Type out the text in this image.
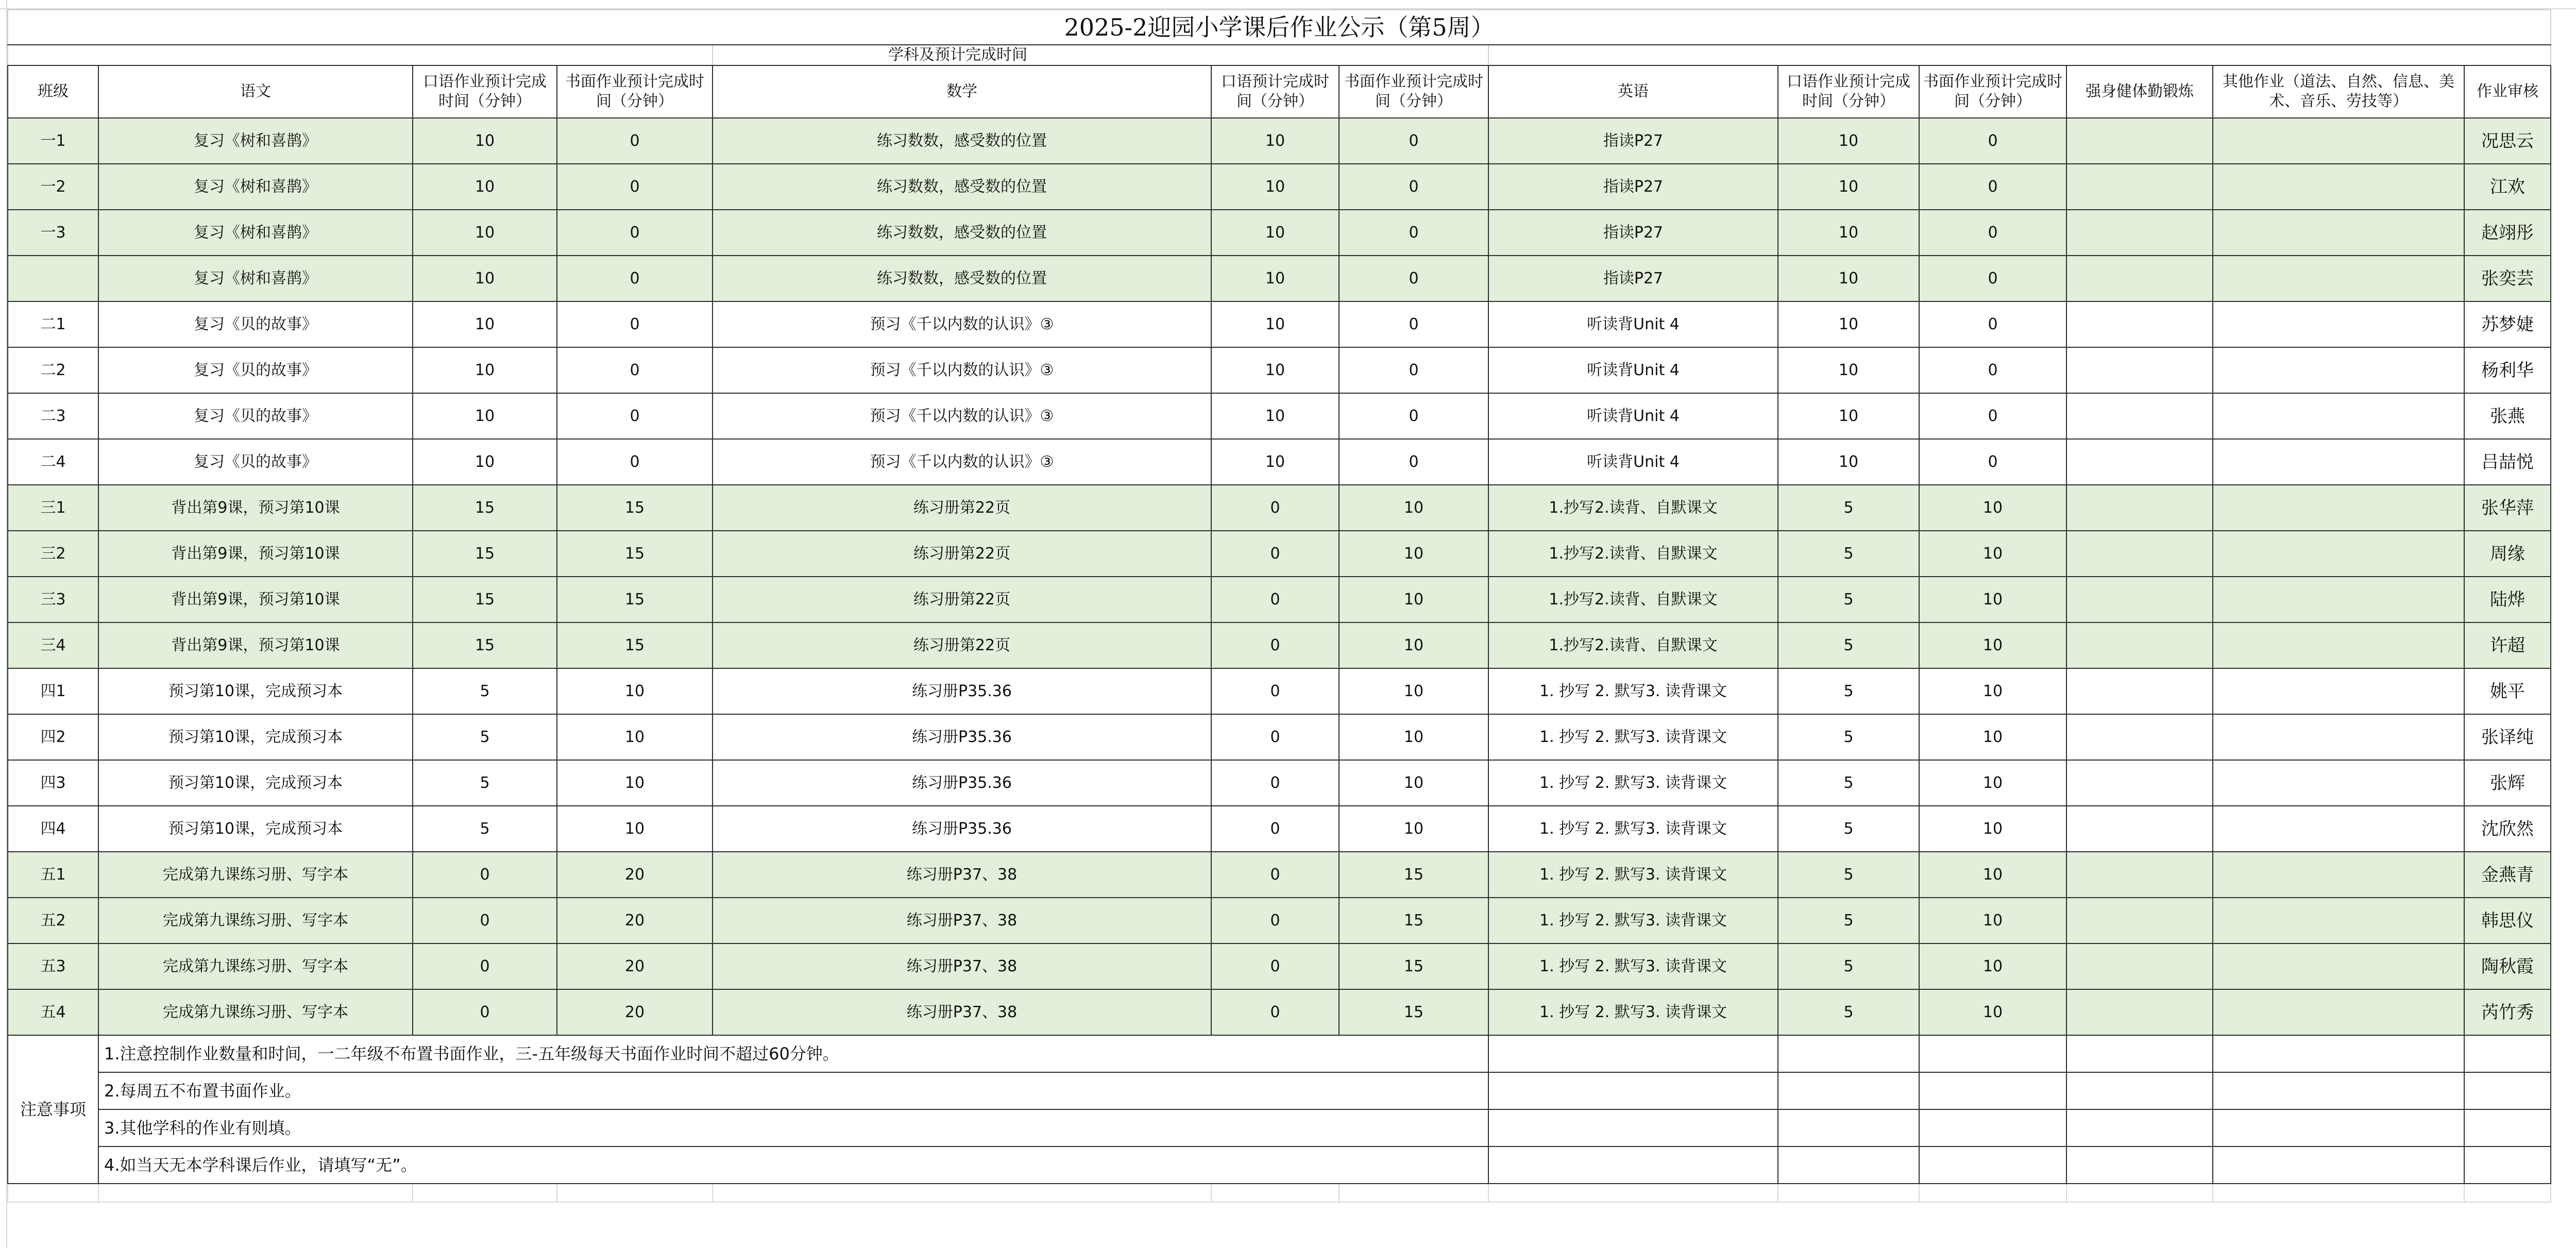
2025-2迎园小学课后作业公示（第5周）												
				学科及预计完成时间								
班级	语文	口语作业预计完成时间（分钟）	书面作业预计完成时间（分钟）	数学	口语预计完成时间（分钟）	书面作业预计完成时间（分钟）	英语	口语作业预计完成时间（分钟）	书面作业预计完成时间（分钟）	强身健体勤锻炼	其他作业（道法、自然、信息、美术、音乐、劳技等）	作业审核
一1	复习《树和喜鹊》	10	0	练习数数，感受数的位置	10	0	指读P27	10	0			况思云
一2	复习《树和喜鹊》	10	0	练习数数，感受数的位置	10	0	指读P27	10	0			江欢
一3	复习《树和喜鹊》	10	0	练习数数，感受数的位置	10	0	指读P27	10	0			赵翊彤
	复习《树和喜鹊》	10	0	练习数数，感受数的位置	10	0	指读P27	10	0			张奕芸
二1	复习《贝的故事》	10	0	预习《千以内数的认识》③	10	0	听读背Unit 4	10	0			苏梦婕
二2	复习《贝的故事》	10	0	预习《千以内数的认识》③	10	0	听读背Unit 4	10	0			杨利华
二3	复习《贝的故事》	10	0	预习《千以内数的认识》③	10	0	听读背Unit 4	10	0			张燕
二4	复习《贝的故事》	10	0	预习《千以内数的认识》③	10	0	听读背Unit 4	10	0			吕喆悦
三1	背出第9课，预习第10课	15	15	练习册第22页	0	10	1.抄写2.读背、自默课文	5	10			张华萍
三2	背出第9课，预习第10课	15	15	练习册第22页	0	10	1.抄写2.读背、自默课文	5	10			周缘
三3	背出第9课，预习第10课	15	15	练习册第22页	0	10	1.抄写2.读背、自默课文	5	10			陆烨
三4	背出第9课，预习第10课	15	15	练习册第22页	0	10	1.抄写2.读背、自默课文	5	10			许超
四1	预习第10课，完成预习本	5	10	练习册P35.36	0	10	1. 抄写 2. 默写3. 读背课文	5	10			姚平
四2	预习第10课，完成预习本	5	10	练习册P35.36	0	10	1. 抄写 2. 默写3. 读背课文	5	10			张译纯
四3	预习第10课，完成预习本	5	10	练习册P35.36	0	10	1. 抄写 2. 默写3. 读背课文	5	10			张辉
四4	预习第10课，完成预习本	5	10	练习册P35.36	0	10	1. 抄写 2. 默写3. 读背课文	5	10			沈欣然
五1	完成第九课练习册、写字本	0	20	练习册P37、38	0	15	1. 抄写 2. 默写3. 读背课文	5	10			金燕青
五2	完成第九课练习册、写字本	0	20	练习册P37、38	0	15	1. 抄写 2. 默写3. 读背课文	5	10			韩思仪
五3	完成第九课练习册、写字本	0	20	练习册P37、38	0	15	1. 抄写 2. 默写3. 读背课文	5	10			陶秋霞
五4	完成第九课练习册、写字本	0	20	练习册P37、38	0	15	1. 抄写 2. 默写3. 读背课文	5	10			芮竹秀
注意事项	1.注意控制作业数量和时间，一二年级不布置书面作业，三-五年级每天书面作业时间不超过60分钟。											
	2.每周五不布置书面作业。											
	3.其他学科的作业有则填。											
	4.如当天无本学科课后作业，请填写“无”。											
